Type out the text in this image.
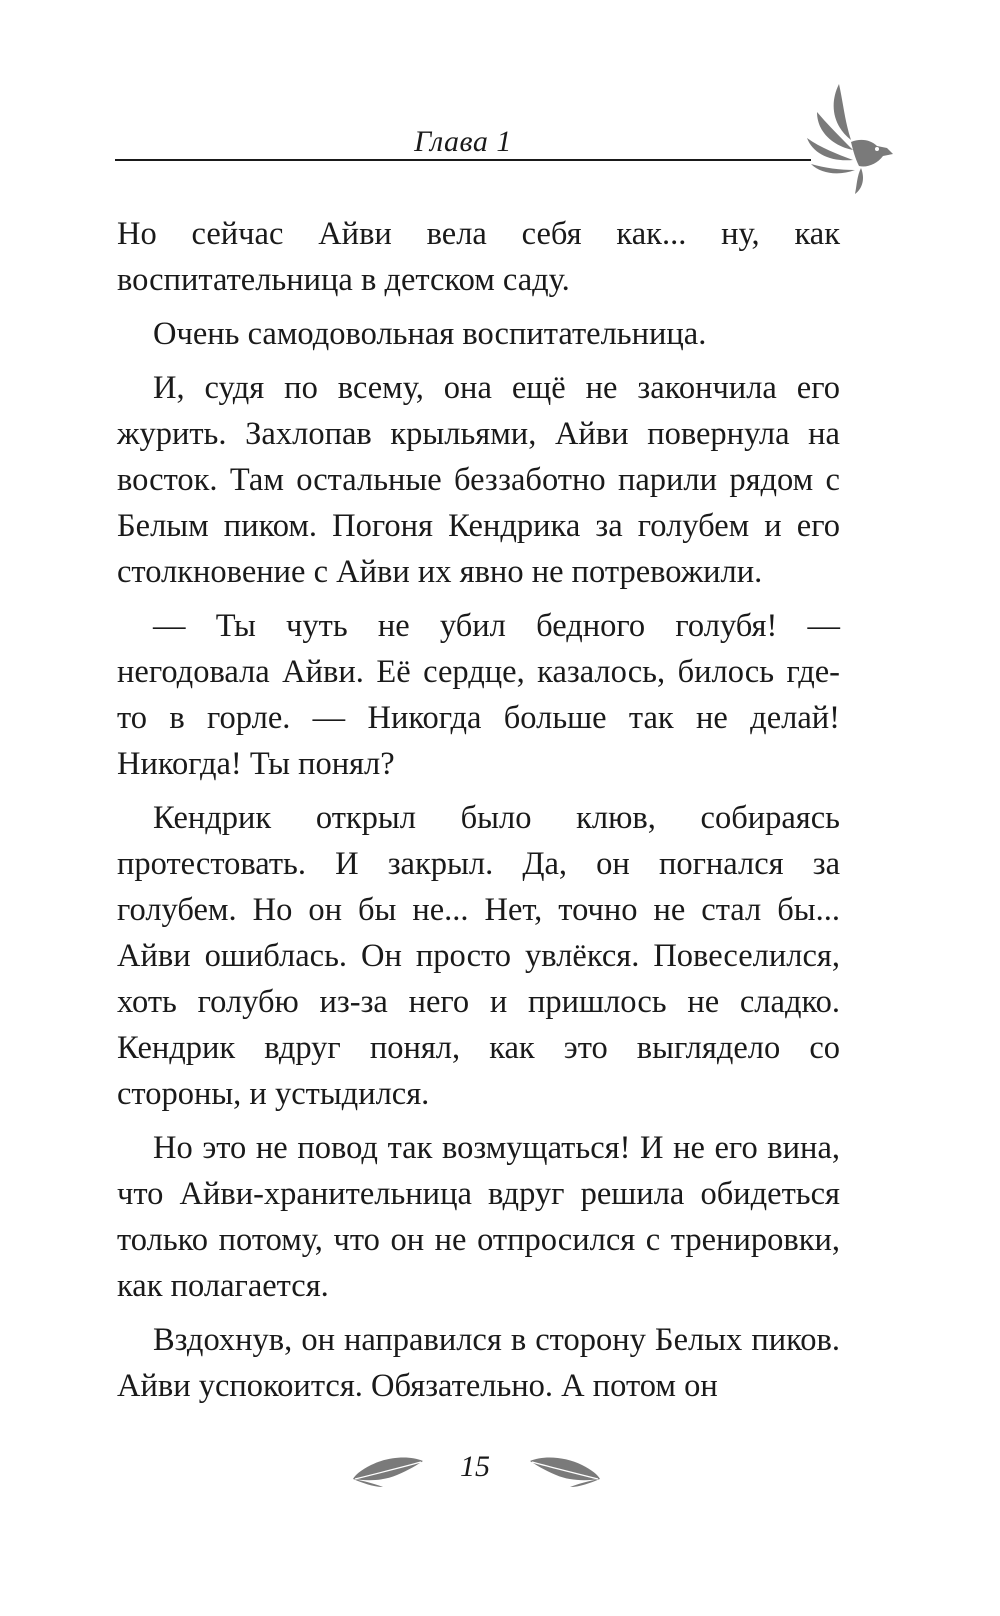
Глава 1

Но сейчас Айви вела себя как... ну, как воспитательница в детском саду.

Очень самодовольная воспитательница.

И, судя по всему, она ещё не закончила его журить. Захлопав крыльями, Айви повернула на восток. Там остальные беззаботно парили рядом с Белым пиком. Погоня Кендрика за голубем и его столкновение с Айви их явно не потревожили.

— Ты чуть не убил бедного голубя! — негодовала Айви. Её сердце, казалось, билось где-то в горле. — Никогда больше так не делай! Никогда! Ты понял?

Кендрик открыл было клюв, собираясь протестовать. И закрыл. Да, он погнался за голубем. Но он бы не... Нет, точно не стал бы... Айви ошиблась. Он просто увлёкся. Повеселился, хоть голубю из-за него и пришлось не сладко. Кендрик вдруг понял, как это выглядело со стороны, и устыдился.

Но это не повод так возмущаться! И не его вина, что Айви-хранительница вдруг решила обидеться только потому, что он не отпросился с тренировки, как полагается.

Вздохнув, он направился в сторону Белых пиков. Айви успокоится. Обязательно. А потом он

15
